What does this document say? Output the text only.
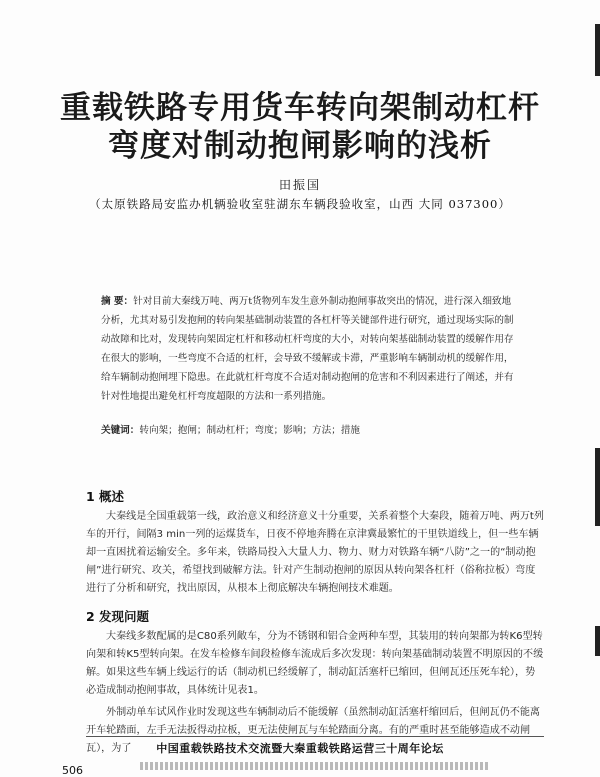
重载铁路专用货车转向架制动杠杆
弯度对制动抱闸影响的浅析

田振国

（太原铁路局安监办机辆验收室驻湖东车辆段验收室，山西 大同 037300）

摘 要：针对目前大秦线万吨、两万t货物列车发生意外制动抱闸事故突出的情况，进行深入细致地分析，尤其对易引发抱闸的转向架基础制动装置的各杠杆等关键部件进行研究，通过现场实际的制动故障和比对，发现转向架固定杠杆和移动杠杆弯度的大小，对转向架基础制动装置的缓解作用存在很大的影响，一些弯度不合适的杠杆，会导致不缓解或卡滞，严重影响车辆制动机的缓解作用，给车辆制动抱闸埋下隐患。在此就杠杆弯度不合适对制动抱闸的危害和不利因素进行了阐述，并有针对性地提出避免杠杆弯度超限的方法和一系列措施。

关键词：转向架；抱闸；制动杠杆；弯度；影响；方法；措施

1 概述

大秦线是全国重载第一线，政治意义和经济意义十分重要，关系着整个大秦段，随着万吨、两万t列车的开行，间隔3 min一列的运煤货车，日夜不停地奔腾在京津冀最繁忙的干里铁道线上，但一些车辆却一直困扰着运输安全。多年来，铁路局投入大量人力、物力、财力对铁路车辆“八防”之一的“制动抱闸”进行研究、攻关，希望找到破解方法。针对产生制动抱闸的原因从转向架各杠杆（俗称拉板）弯度进行了分析和研究，找出原因，从根本上彻底解决车辆抱闸技术难题。

2 发现问题

大秦线多数配属的是C80系列敞车，分为不锈钢和铝合金两种车型，其装用的转向架都为转K6型转向架和转K5型转向架。在发车检修车间段检修车流成后多次发现：转向架基础制动装置不明原因的不缓解。如果这些车辆上线运行的话（制动机已经缓解了，制动缸活塞杆已缩回，但闸瓦还压死车轮），势必造成制动抱闸事故，具体统计见表1。

外制动单车试风作业时发现这些车辆制动后不能缓解（虽然制动缸活塞杆缩回后，但闸瓦仍不能离开车轮踏面，左手无法扳得动拉板，更无法使闸瓦与车轮踏面分离。有的严重时甚至能够造成不动闸瓦），为了	中国重载铁路技术交流暨大秦重载铁路运营三十周年论坛

506
